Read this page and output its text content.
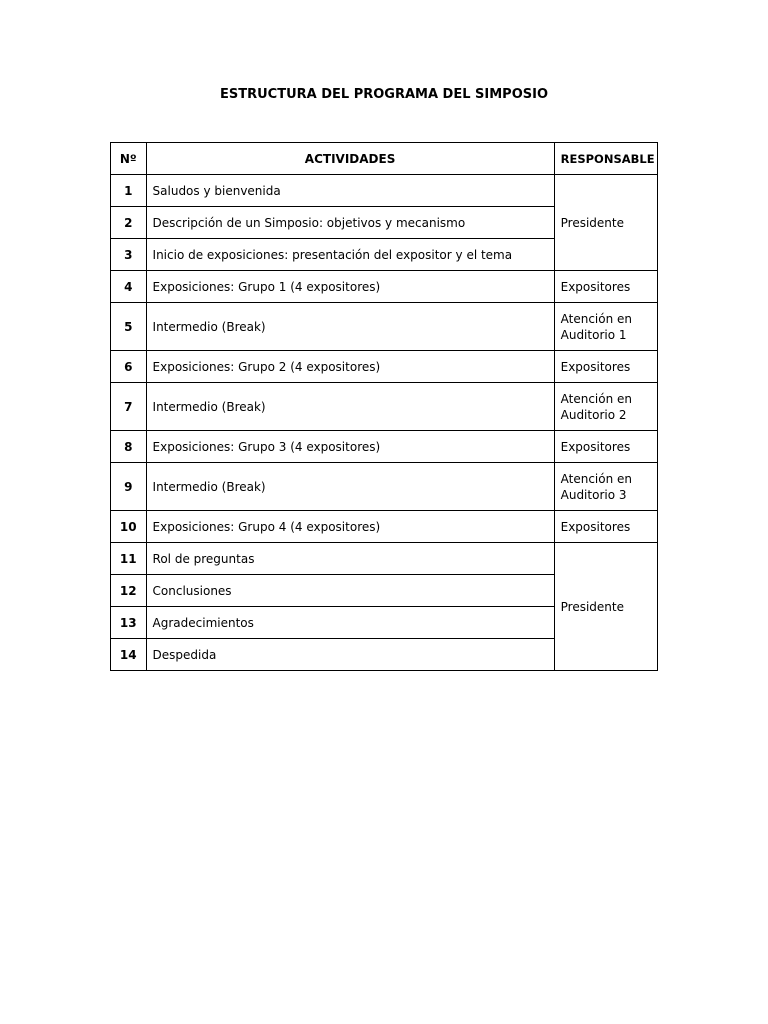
ESTRUCTURA DEL PROGRAMA DEL SIMPOSIO
Nº	ACTIVIDADES	RESPONSABLE
1	Saludos y bienvenida	Presidente
2	Descripción de un Simposio: objetivos y mecanismo	
3	Inicio de exposiciones: presentación del expositor y el tema	
4	Exposiciones: Grupo 1 (4 expositores)	Expositores
5	Intermedio (Break)	Atención en Auditorio 1
6	Exposiciones: Grupo 2 (4 expositores)	Expositores
7	Intermedio (Break)	Atención en Auditorio 2
8	Exposiciones: Grupo 3 (4 expositores)	Expositores
9	Intermedio (Break)	Atención en Auditorio 3
10	Exposiciones: Grupo 4 (4 expositores)	Expositores
11	Rol de preguntas	Presidente
12	Conclusiones	
13	Agradecimientos	
14	Despedida	
